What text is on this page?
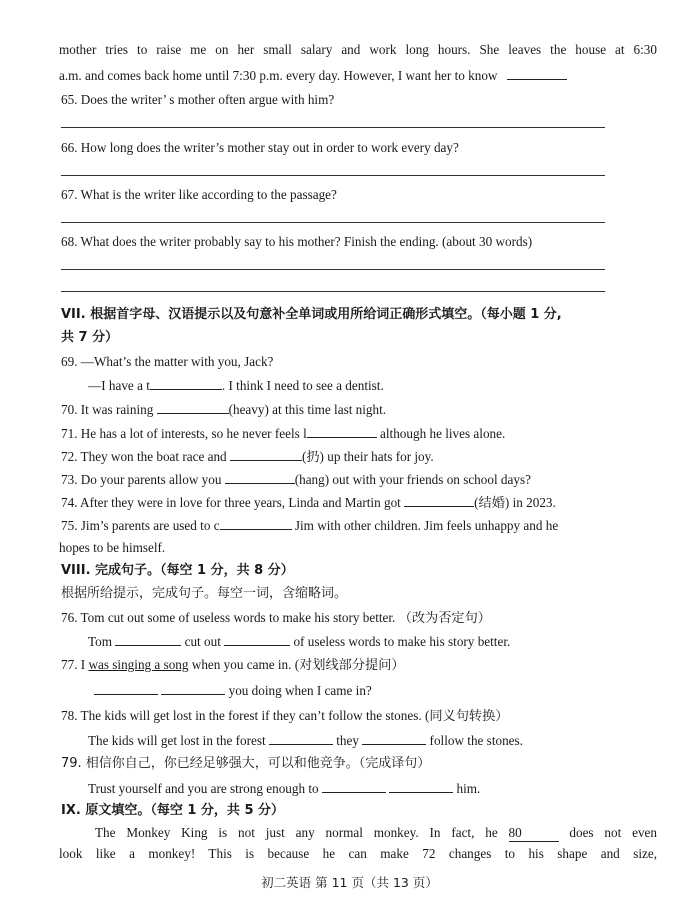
mother tries to raise me on her small salary and work long hours. She leaves the house at 6:30
a.m. and comes back home until 7:30 p.m. every day. However, I want her to know
65. Does the writer’ s mother often argue with him?
66. How long does the writer’s mother stay out in order to work every day?
67. What is the writer like according to the passage?
68. What does the writer probably say to his mother? Finish the ending. (about 30 words)
VII. 根据首字母、汉语提示以及句意补全单词或用所给词正确形式填空。（每小题 1 分,
共 7 分）
69. —What’s the matter with you, Jack?
—I have a t	. I think I need to see a dentist.
70. It was raining	(heavy) at this time last night.
71. He has a lot of interests, so he never feels l	although he lives alone.
72. They won the boat race and	(扔) up their hats for joy.
73. Do your parents allow you	(hang) out with your friends on school days?
74. After they were in love for three years, Linda and Martin got	(结婚) in 2023.
75. Jim’s parents are used to c	Jim with other children. Jim feels unhappy and he
hopes to be himself.
VIII. 完成句子。（每空 1 分，共 8 分）
根据所给提示，完成句子。每空一词，含缩略词。
76. Tom cut out some of useless words to make his story better. （改为否定句）
Tom	cut out	of useless words to make his story better.
77. I was singing a song when you came in. (对划线部分提问）
you doing when I came in?
78. The kids will get lost in the forest if they can’t follow the stones. (同义句转换）
The kids will get lost in the forest	they	follow the stones.
79. 相信你自己，你已经足够强大，可以和他竞争。（完成译句）
Trust yourself and you are strong enough to	him.
IX. 原文填空。（每空 1 分，共 5 分）
The Monkey King is not just any normal monkey. In fact, he 80	does not even
look like a monkey! This is because he can make 72 changes to his shape and size,
初二英语 第 11 页（共 13 页）
